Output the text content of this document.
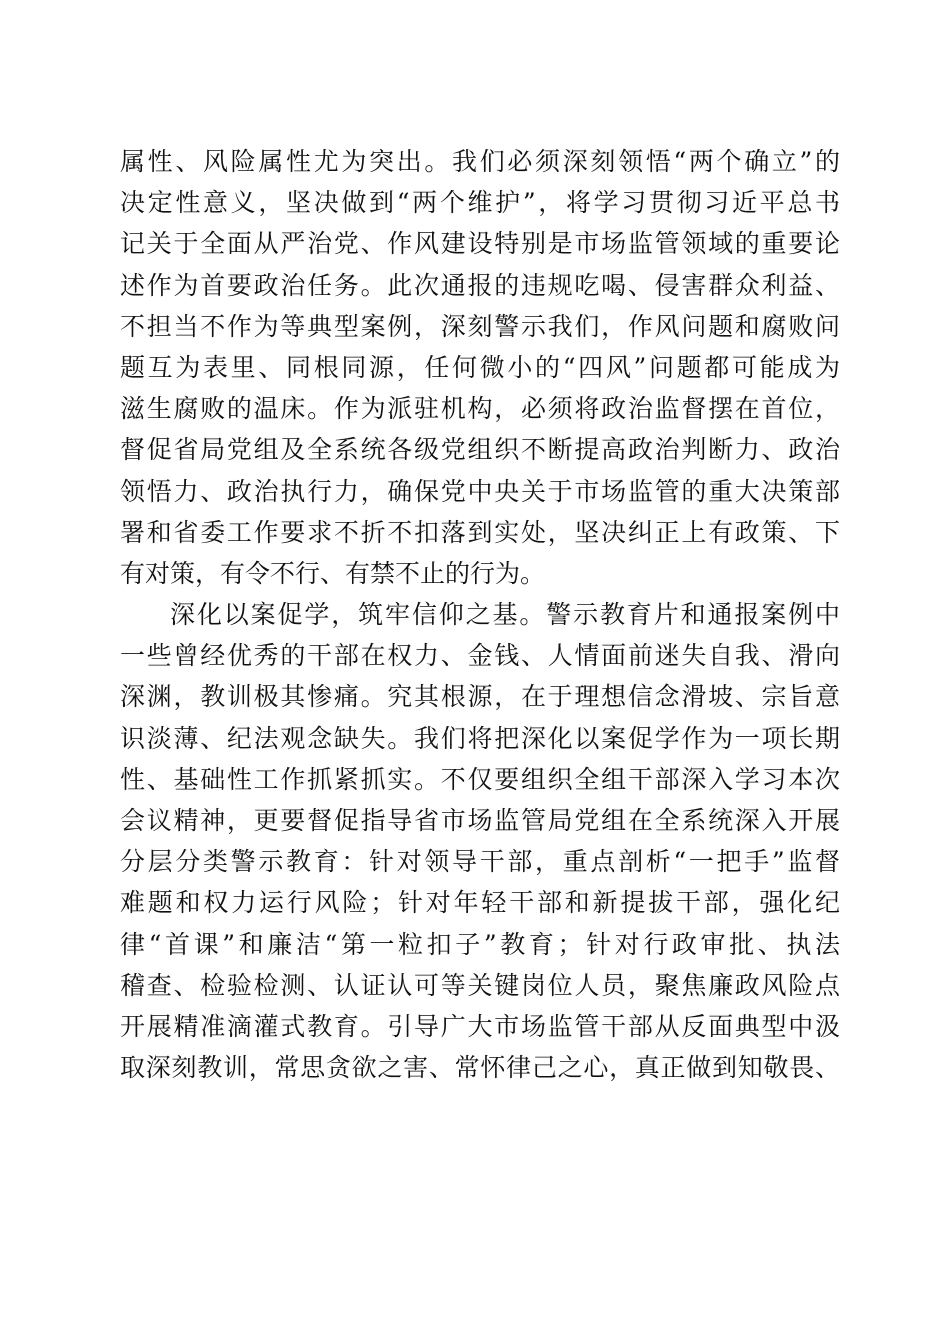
属性、风险属性尤为突出。我们必须深刻领悟“两个确立”的
决定性意义，坚决做到“两个维护”，将学习贯彻习近平总书
记关于全面从严治党、作风建设特别是市场监管领域的重要论
述作为首要政治任务。此次通报的违规吃喝、侵害群众利益、
不担当不作为等典型案例，深刻警示我们，作风问题和腐败问
题互为表里、同根同源，任何微小的“四风”问题都可能成为
滋生腐败的温床。作为派驻机构，必须将政治监督摆在首位，
督促省局党组及全系统各级党组织不断提高政治判断力、政治
领悟力、政治执行力，确保党中央关于市场监管的重大决策部
署和省委工作要求不折不扣落到实处，坚决纠正上有政策、下
有对策，有令不行、有禁不止的行为。
深化以案促学，筑牢信仰之基。警示教育片和通报案例中
一些曾经优秀的干部在权力、金钱、人情面前迷失自我、滑向
深渊，教训极其惨痛。究其根源，在于理想信念滑坡、宗旨意
识淡薄、纪法观念缺失。我们将把深化以案促学作为一项长期
性、基础性工作抓紧抓实。不仅要组织全组干部深入学习本次
会议精神，更要督促指导省市场监管局党组在全系统深入开展
分层分类警示教育：针对领导干部，重点剖析“一把手”监督
难题和权力运行风险；针对年轻干部和新提拔干部，强化纪
律“首课”和廉洁“第一粒扣子”教育；针对行政审批、执法
稽查、检验检测、认证认可等关键岗位人员，聚焦廉政风险点
开展精准滴灌式教育。引导广大市场监管干部从反面典型中汲
取深刻教训，常思贪欲之害、常怀律己之心，真正做到知敬畏、
